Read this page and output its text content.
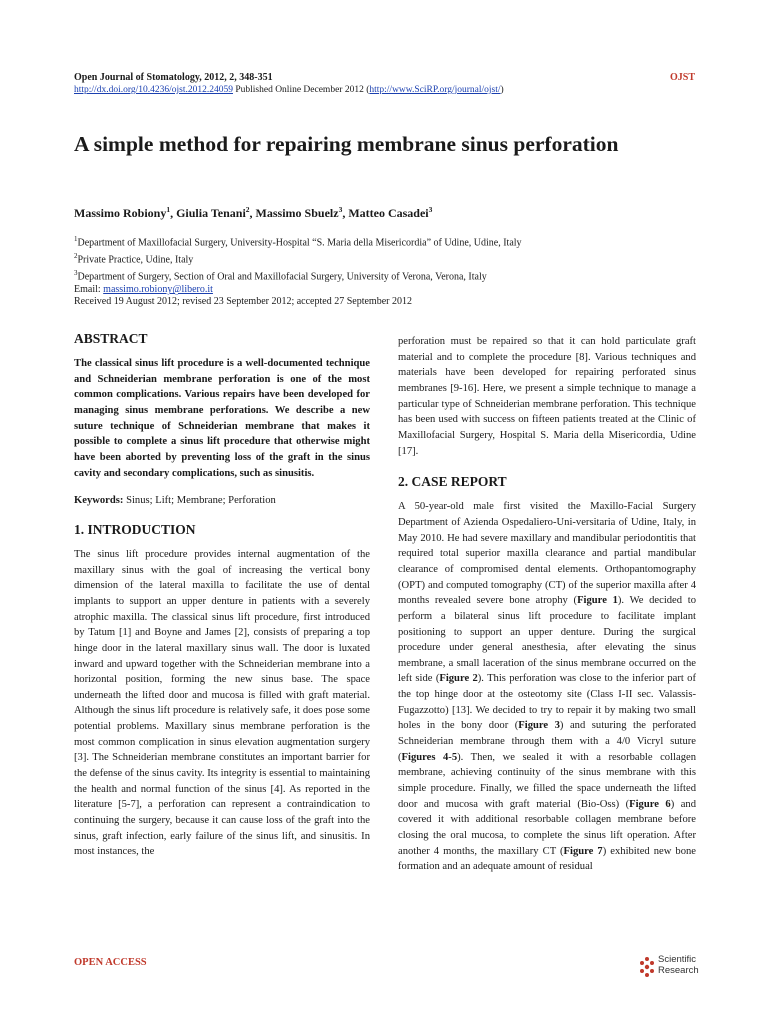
Open Journal of Stomatology, 2012, 2, 348-351
http://dx.doi.org/10.4236/ojst.2012.24059 Published Online December 2012 (http://www.SciRP.org/journal/ojst/)
OJST
A simple method for repairing membrane sinus perforation
Massimo Robiony$^1$, Giulia Tenani$^2$, Massimo Sbuelz$^3$, Matteo Casadei$^3$
$^1$Department of Maxillofacial Surgery, University-Hospital “S. Maria della Misericordia” of Udine, Udine, Italy
$^2$Private Practice, Udine, Italy
$^3$Department of Surgery, Section of Oral and Maxillofacial Surgery, University of Verona, Verona, Italy
Email: massimo.robiony@libero.it
Received 19 August 2012; revised 23 September 2012; accepted 27 September 2012
ABSTRACT

The classical sinus lift procedure is a well-documented technique and Schneiderian membrane perforation is one of the most common complications. Various repairs have been developed for managing sinus membrane perforations. We describe a new suture technique of Schneiderian membrane that makes it possible to complete a sinus lift procedure that otherwise might have been aborted by preventing loss of the graft in the sinus cavity and secondary complications, such as sinusitis.

Keywords: Sinus; Lift; Membrane; Perforation

1. INTRODUCTION

The sinus lift procedure provides internal augmentation of the maxillary sinus with the goal of increasing the vertical bony dimension of the lateral maxilla to facilitate the use of dental implants to support an upper denture in patients with a severely atrophic maxilla. The classical sinus lift procedure, first introduced by Tatum [1] and Boyne and James [2], consists of preparing a top hinge door in the lateral maxillary sinus wall. The door is luxated inward and upward together with the Schneiderian membrane into a horizontal position, forming the new sinus base. The space underneath the lifted door and mucosa is filled with graft material. Although the sinus lift procedure is relatively safe, it does pose some potential problems. Maxillary sinus membrane perforation is the most common complication in sinus elevation augmentation surgery [3]. The Schneiderian membrane constitutes an important barrier for the defense of the sinus cavity. Its integrity is essential to maintaining the health and normal function of the sinus [4]. As reported in the literature [5-7], a perforation can represent a contraindication to continuing the surgery, because it can cause loss of the graft into the sinus, graft infection, early failure of the sinus lift, and sinusitis. In most instances, the

perforation must be repaired so that it can hold particulate graft material and to complete the procedure [8]. Various techniques and materials have been developed for repairing perforated sinus membranes [9-16]. Here, we present a simple technique to manage a particular type of Schneiderian membrane perforation. This technique has been used with success on fifteen patients treated at the Clinic of Maxillofacial Surgery, Hospital S. Maria della Misericordia, Udine [17].

2. CASE REPORT

A 50-year-old male first visited the Maxillo-Facial Surgery Department of Azienda Ospedaliero-Uni-versitaria of Udine, Italy, in May 2010. He had severe maxillary and mandibular periodontitis that required total superior maxilla clearance and partial mandibular clearance of compromised dental elements. Orthopantomography (OPT) and computed tomography (CT) of the superior maxilla after 4 months revealed severe bone atrophy (Figure 1). We decided to perform a bilateral sinus lift procedure to facilitate implant positioning to support an upper denture. During the surgical procedure under general anesthesia, after elevating the sinus membrane, a small laceration of the sinus membrane occurred on the left side (Figure 2). This perforation was close to the inferior part of the top hinge door at the osteotomy site (Class I-II sec. Valassis-Fugazzotto) [13]. We decided to try to repair it by making two small holes in the bony door (Figure 3) and suturing the perforated Schneiderian membrane through them with a 4/0 Vicryl suture (Figures 4-5). Then, we sealed it with a resorbable collagen membrane, achieving continuity of the sinus membrane with this simple procedure. Finally, we filled the space underneath the lifted door and mucosa with graft material (Bio-Oss) (Figure 6) and covered it with additional resorbable collagen membrane before closing the oral mucosa, to complete the sinus lift operation. After another 4 months, the maxillary CT (Figure 7) exhibited new bone formation and an adequate amount of residual

OPEN ACCESS	Scientific
Research
